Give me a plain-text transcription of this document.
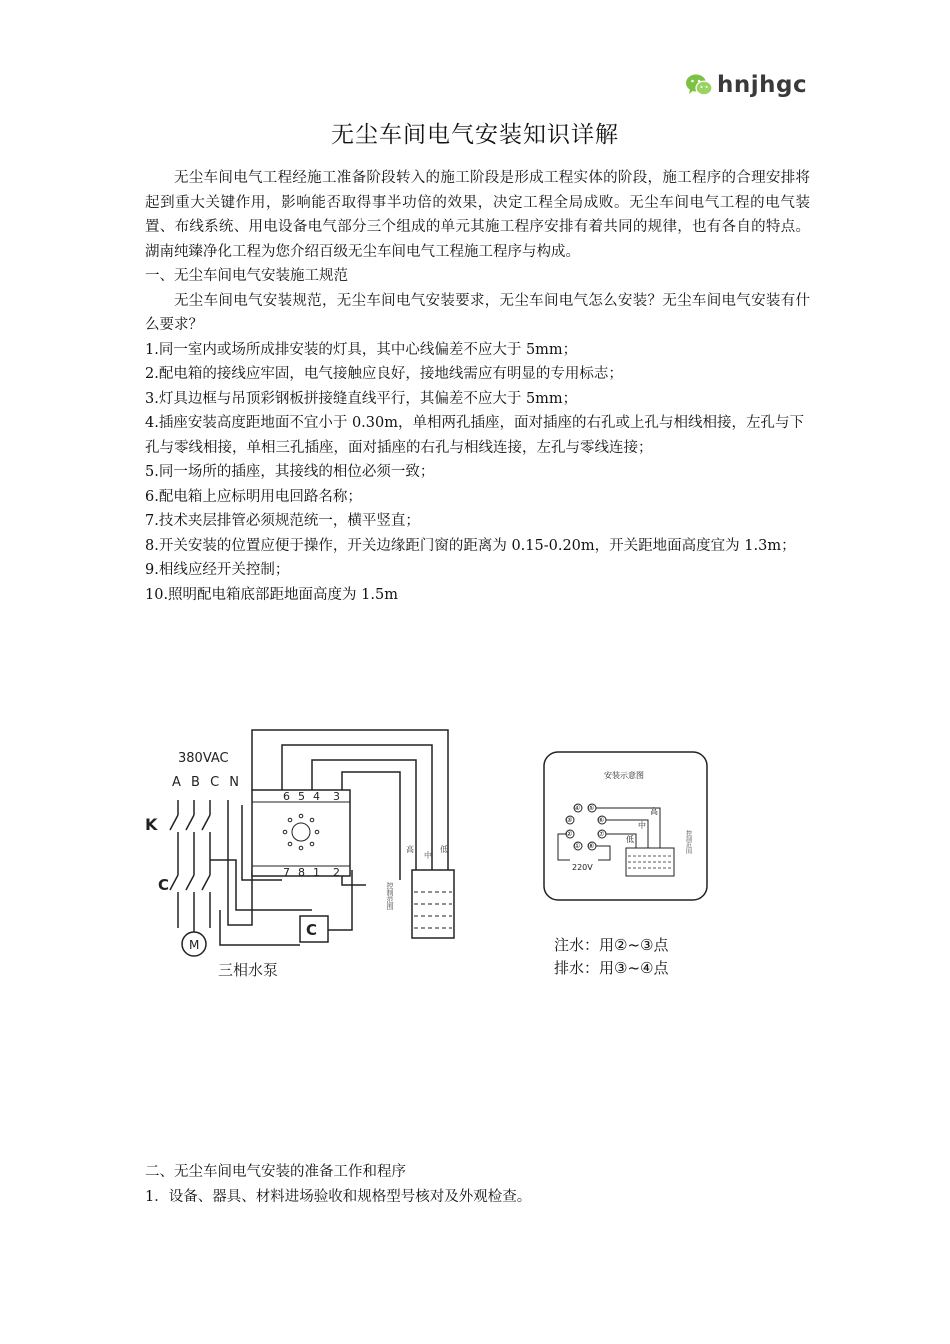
hnjhgc
无尘车间电气安装知识详解

无尘车间电气工程经施工准备阶段转入的施工阶段是形成工程实体的阶段，施工程序的合理安排将起到重大关键作用，影响能否取得事半功倍的效果，决定工程全局成败。无尘车间电气工程的电气装置、布线系统、用电设备电气部分三个组成的单元其施工程序安排有着共同的规律，也有各自的特点。湖南纯臻净化工程为您介绍百级无尘车间电气工程施工程序与构成。

一、无尘车间电气安装施工规范

无尘车间电气安装规范，无尘车间电气安装要求，无尘车间电气怎么安装？无尘车间电气安装有什么要求？

1.同一室内或场所成排安装的灯具，其中心线偏差不应大于 5mm；

2.配电箱的接线应牢固，电气接触应良好，接地线需应有明显的专用标志；

3.灯具边框与吊顶彩钢板拼接缝直线平行，其偏差不应大于 5mm；

4.插座安装高度距地面不宜小于 0.30m，单相两孔插座，面对插座的右孔或上孔与相线相接，左孔与下孔与零线相接，单相三孔插座，面对插座的右孔与相线连接，左孔与零线连接；

5.同一场所的插座，其接线的相位必须一致；

6.配电箱上应标明用电回路名称；

7.技术夹层排管必须规范统一，横平竖直；

8.开关安装的位置应便于操作，开关边缘距门窗的距离为 0.15-0.20m，开关距地面高度宜为 1.3m；

9.相线应经开关控制；

10.照明配电箱底部距地面高度为 1.5m

380VAC
A B C N
K
C
6 5 4 3
7 8 1 2
C
M
三相水泵
高
中
低
控制范围
安装示意图
④ ⑤
③	⑥
②	⑦
① ⑧
高
中
低
220V
控制范围
注水：用②~③点
排水：用③~④点

二、无尘车间电气安装的准备工作和程序

1．设备、器具、材料进场验收和规格型号核对及外观检查。
